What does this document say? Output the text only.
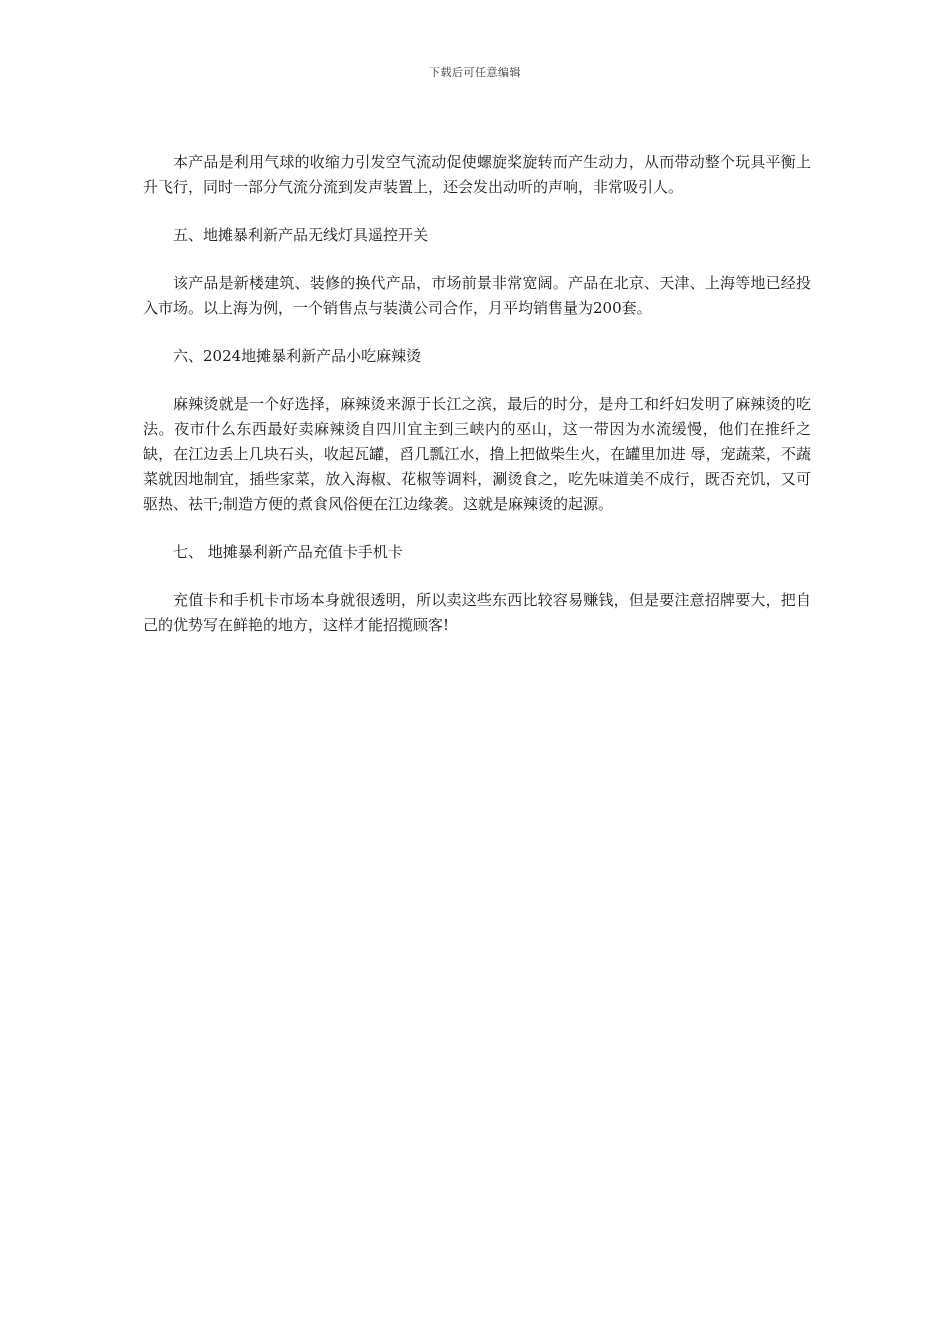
下载后可任意编辑

本产品是利用气球的收缩力引发空气流动促使螺旋桨旋转而产生动力，从而带动整个玩具平衡上升飞行，同时一部分气流分流到发声装置上，还会发出动听的声响，非常吸引人。

五、地摊暴利新产品无线灯具遥控开关

该产品是新楼建筑、装修的换代产品，市场前景非常宽阔。产品在北京、天津、上海等地已经投入市场。以上海为例，一个销售点与装潢公司合作，月平均销售量为200套。

六、2024地摊暴利新产品小吃麻辣烫

麻辣烫就是一个好选择，麻辣烫来源于长江之滨，最后的时分，是舟工和纤妇发明了麻辣烫的吃法。夜市什么东西最好卖麻辣烫自四川宜主到三峡内的巫山，这一带因为水流缓慢，他们在推纤之缺，在江边丢上几块石头，收起瓦罐，舀几瓢江水，撸上把做柴生火，在罐里加进 辱，宠蔬菜，不蔬菜就因地制宜，插些家菜，放入海椒、花椒等调料，涮烫食之，吃先味道美不成行，既否充饥，又可驱热、祛干;制造方便的煮食风俗便在江边缘袭。这就是麻辣烫的起源。

七、 地摊暴利新产品充值卡手机卡

充值卡和手机卡市场本身就很透明，所以卖这些东西比较容易赚钱，但是要注意招牌要大，把自己的优势写在鲜艳的地方，这样才能招揽顾客!
